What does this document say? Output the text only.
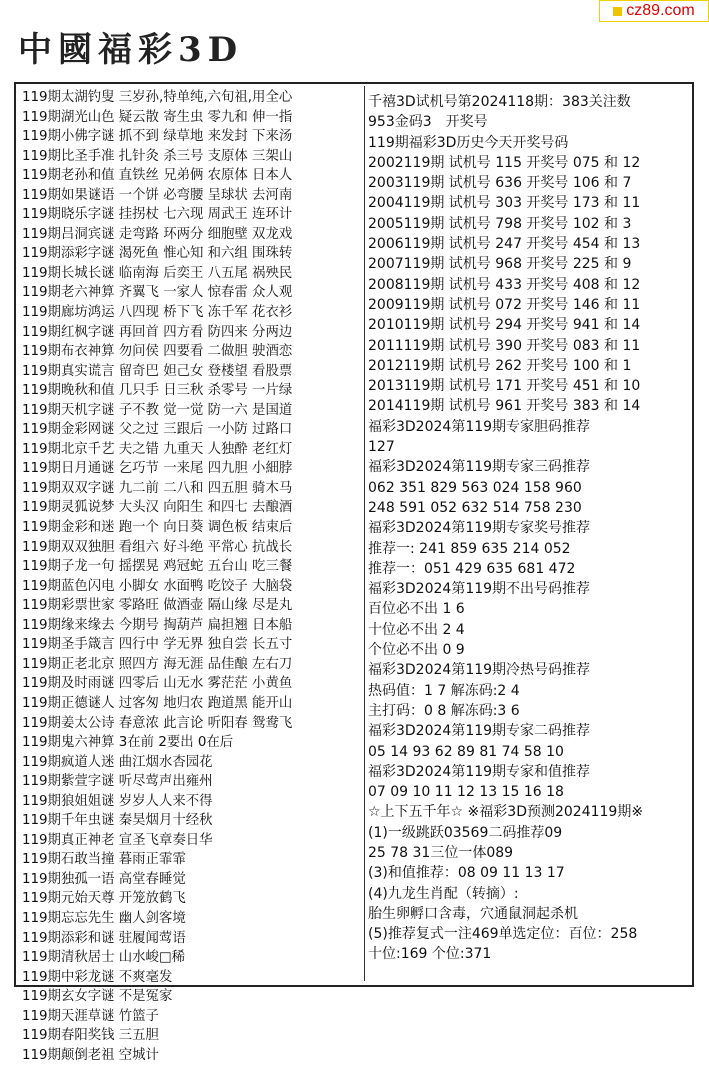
cz89.com
中國福彩3D
119期太湖钓叟 三岁孙,特单纯,六旬祖,用全心
119期湖光山色 疑云散 寄生虫 零九和 伸一指
119期小佛字谜 抓不到 绿草地 来发封 下来汤
119期比圣手准 扎针灸 杀三号 支原体 三架山
119期老孙和值 直铁丝 兄弟俩 农原体 日本人
119期如果谜语 一个饼 必弯腰 呈球状 去河南
119期晓乐字谜 挂拐杖 七六现 周武王 连环计
119期吕洞宾谜 走弯路 环两分 细胞壁 双龙戏
119期添彩字谜 渴死鱼 惟心知 和六组 围珠转
119期长城长谜 临南海 后奕王 八五尾 祸殃民
119期老六神算 齐翼飞 一家人 惊春雷 众人观
119期廊坊鸿运 八四现 桥下飞 冻千军 花衣衫
119期红枫字谜 再回首 四方看 防四来 分两边
119期布衣神算 勿问侯 四要看 二做胆 驶酒恋
119期真实谎言 留奇巴 妲己女 登楼望 看股票
119期晚秋和值 几只手 日三秋 杀零号 一片绿
119期天机字谜 子不教 觉一觉 防一六 是国道
119期金彩网谜 父之过 三跟后 一小防 过路口
119期北京千艺 夫之错 九重天 人独酔 老红灯
119期日月通谜 乞巧节 一来尾 四九胆 小細脖
119期双双字谜 九二前 二八和 四五胆 骑木马
119期灵狐说梦 大头汉 向阳生 和四七 去酿酒
119期金彩和迷 跑一个 向日葵 调色板 结束后
119期双双独胆 看组六 好斗绝 平常心 抗战长
119期子龙一句 摇摆晃 鸡冠蛇 五台山 吃三餐
119期蓝色闪电 小脚女 水面鸭 吃饺子 大脑袋
119期彩票世家 零路旺 做酒壶 隔山缘 尽是丸
119期缘来缘去 今期号 掏葫芦 扁担翘 日本船
119期圣手箴言 四行中 学无界 独自尝 长五寸
119期正老北京 照四方 海无涯 品佳酿 左右刀
119期及时雨谜 四零后 山无水 雾茫茫 小黄鱼
119期正德谜人 过客匆 地归农 跑道黑 能开山
119期姜太公诗 春意浓 此言论 听阳春 鸳鸯飞
119期鬼六神算 3在前 2要出 0在后
119期疯道人迷 曲江烟水杏园花
119期紫萱字谜 听尽莺声出雍州
119期狼姐姐谜 岁岁人人来不得
119期千年虫谜 秦昊烟月十经秋
119期真正神老 宣圣飞章奏日华
119期石敢当撞 暮雨正霏霏
119期独孤一语 高堂春睡觉
119期元始天尊 开笼放鹤飞
119期忘忘先生 幽人剑客境
119期添彩和谜 驻履闻莺语
119期清秋居士 山水峻□稀
119期中彩龙谜 不爽毫发
119期玄女字谜 不是冤家
119期天涯草谜 竹篮子
119期春阳奖钱 三五胆
119期颠倒老祖 空城计
千禧3D试机号第2024118期：383关注数
953金码3　开奖号
119期福彩3D历史今天开奖号码
2002119期 试机号 115 开奖号 075 和 12
2003119期 试机号 636 开奖号 106 和 7
2004119期 试机号 303 开奖号 173 和 11
2005119期 试机号 798 开奖号 102 和 3
2006119期 试机号 247 开奖号 454 和 13
2007119期 试机号 968 开奖号 225 和 9
2008119期 试机号 433 开奖号 408 和 12
2009119期 试机号 072 开奖号 146 和 11
2010119期 试机号 294 开奖号 941 和 14
2011119期 试机号 390 开奖号 083 和 11
2012119期 试机号 262 开奖号 100 和 1
2013119期 试机号 171 开奖号 451 和 10
2014119期 试机号 961 开奖号 383 和 14
福彩3D2024第119期专家胆码推荐
127
福彩3D2024第119期专家三码推荐
062 351 829 563 024 158 960
248 591 052 632 514 758 230
福彩3D2024第119期专家奖号推荐
推荐一: 241 859 635 214 052
推荐一：051 429 635 681 472
福彩3D2024第119期不出号码推荐
百位必不出 1 6
十位必不出 2 4
个位必不出 0 9
福彩3D2024第119期冷热号码推荐
热码值：1 7 解冻码:2 4
主打码：0 8 解冻码:3 6
福彩3D2024第119期专家二码推荐
05 14 93 62 89 81 74 58 10
福彩3D2024第119期专家和值推荐
07 09 10 11 12 13 15 16 18
☆上下五千年☆ ※福彩3D预测2024119期※
(1)一级跳跃03569二码推荐09
25 78 31三位一体089
(3)和值推荐：08 09 11 13 17
(4)九龙生肖配（转摘）:
胎生卵孵口含毒，穴通鼠洞起杀机
(5)推荐复式一注469单选定位：百位：258
十位:169 个位:371
